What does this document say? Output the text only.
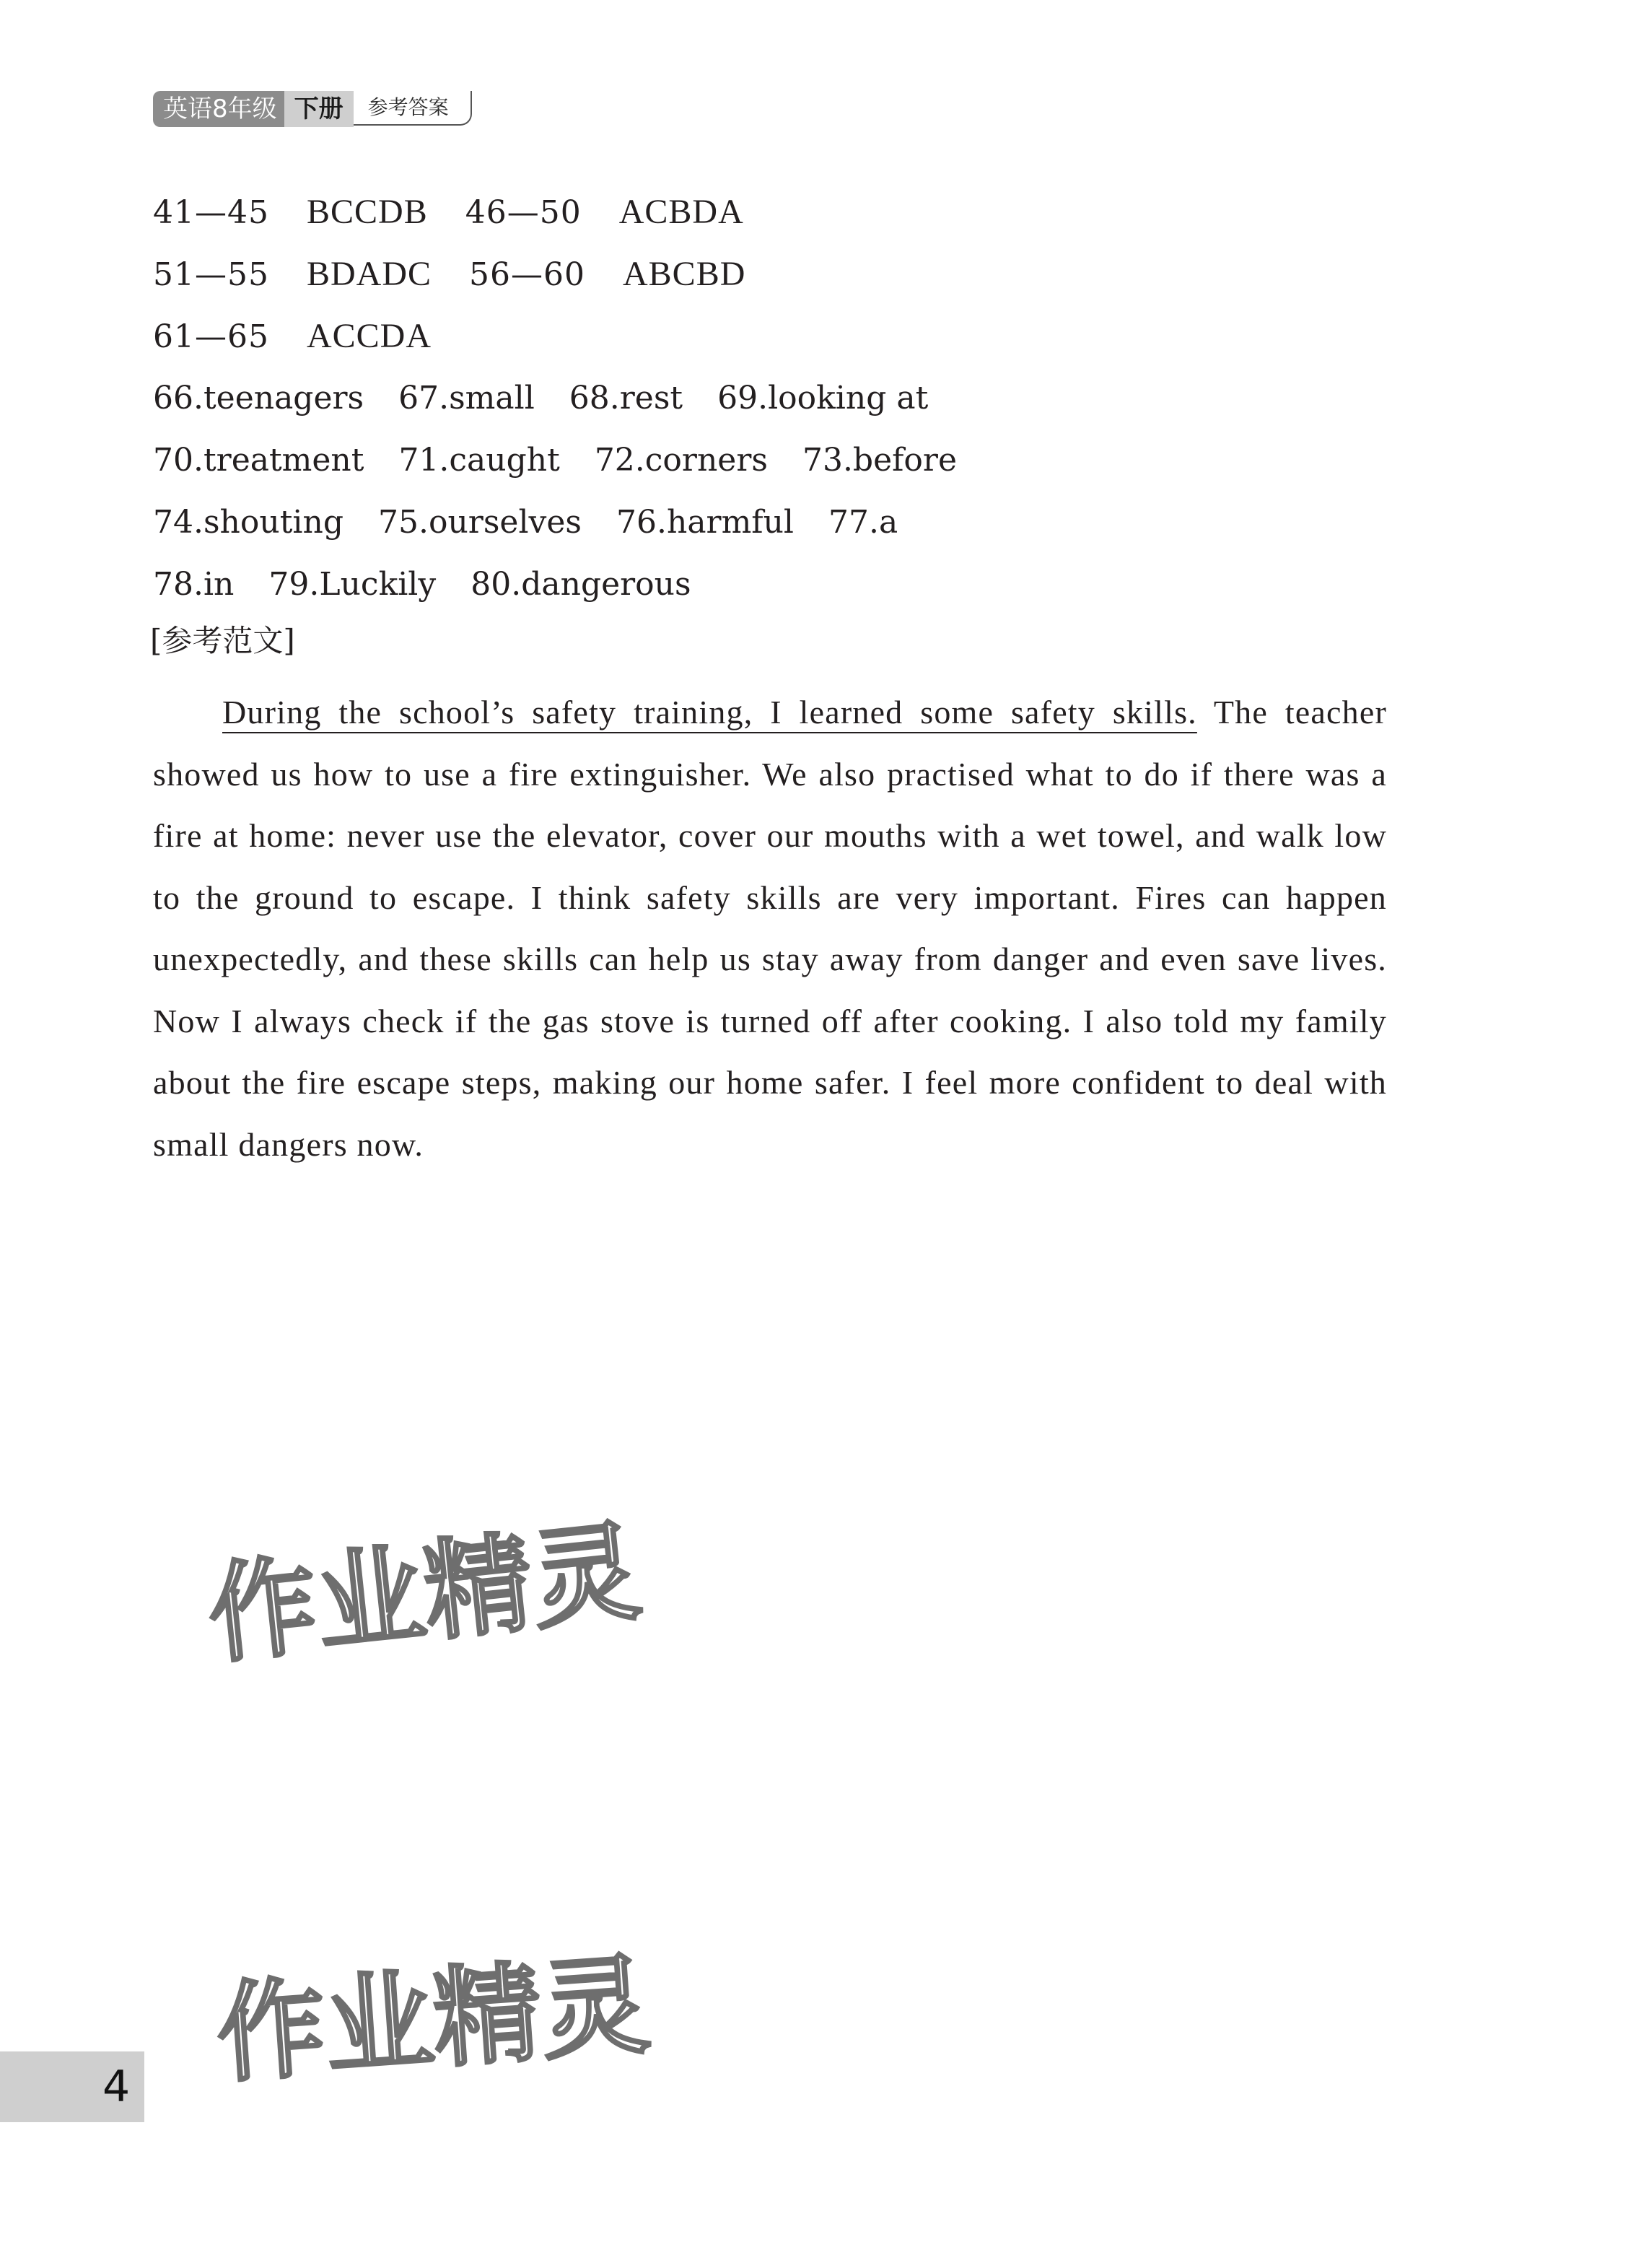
英语8年级 下册	参考答案
41—45 BCCDB 46—50 ACBDA
51—55 BDADC 56—60 ABCBD
61—65 ACCDA
66.teenagers 67.small 68.rest 69.looking at
70.treatment 71.caught 72.corners 73.before
74.shouting 75.ourselves 76.harmful 77.a
78.in 79.Luckily 80.dangerous
[参考范文]

During the school’s safety training, I learned some safety skills. The teacher showed us how to use a fire extinguisher. We also practised what to do if there was a fire at home: never use the elevator, cover our mouths with a wet towel, and walk low to the ground to escape. I think safety skills are very important. Fires can happen unexpectedly, and these skills can help us stay away from danger and even save lives. Now I always check if the gas stove is turned off after cooking. I also told my family about the fire escape steps, making our home safer. I feel more confident to deal with small dangers now.

作业精灵
作业精灵
4
